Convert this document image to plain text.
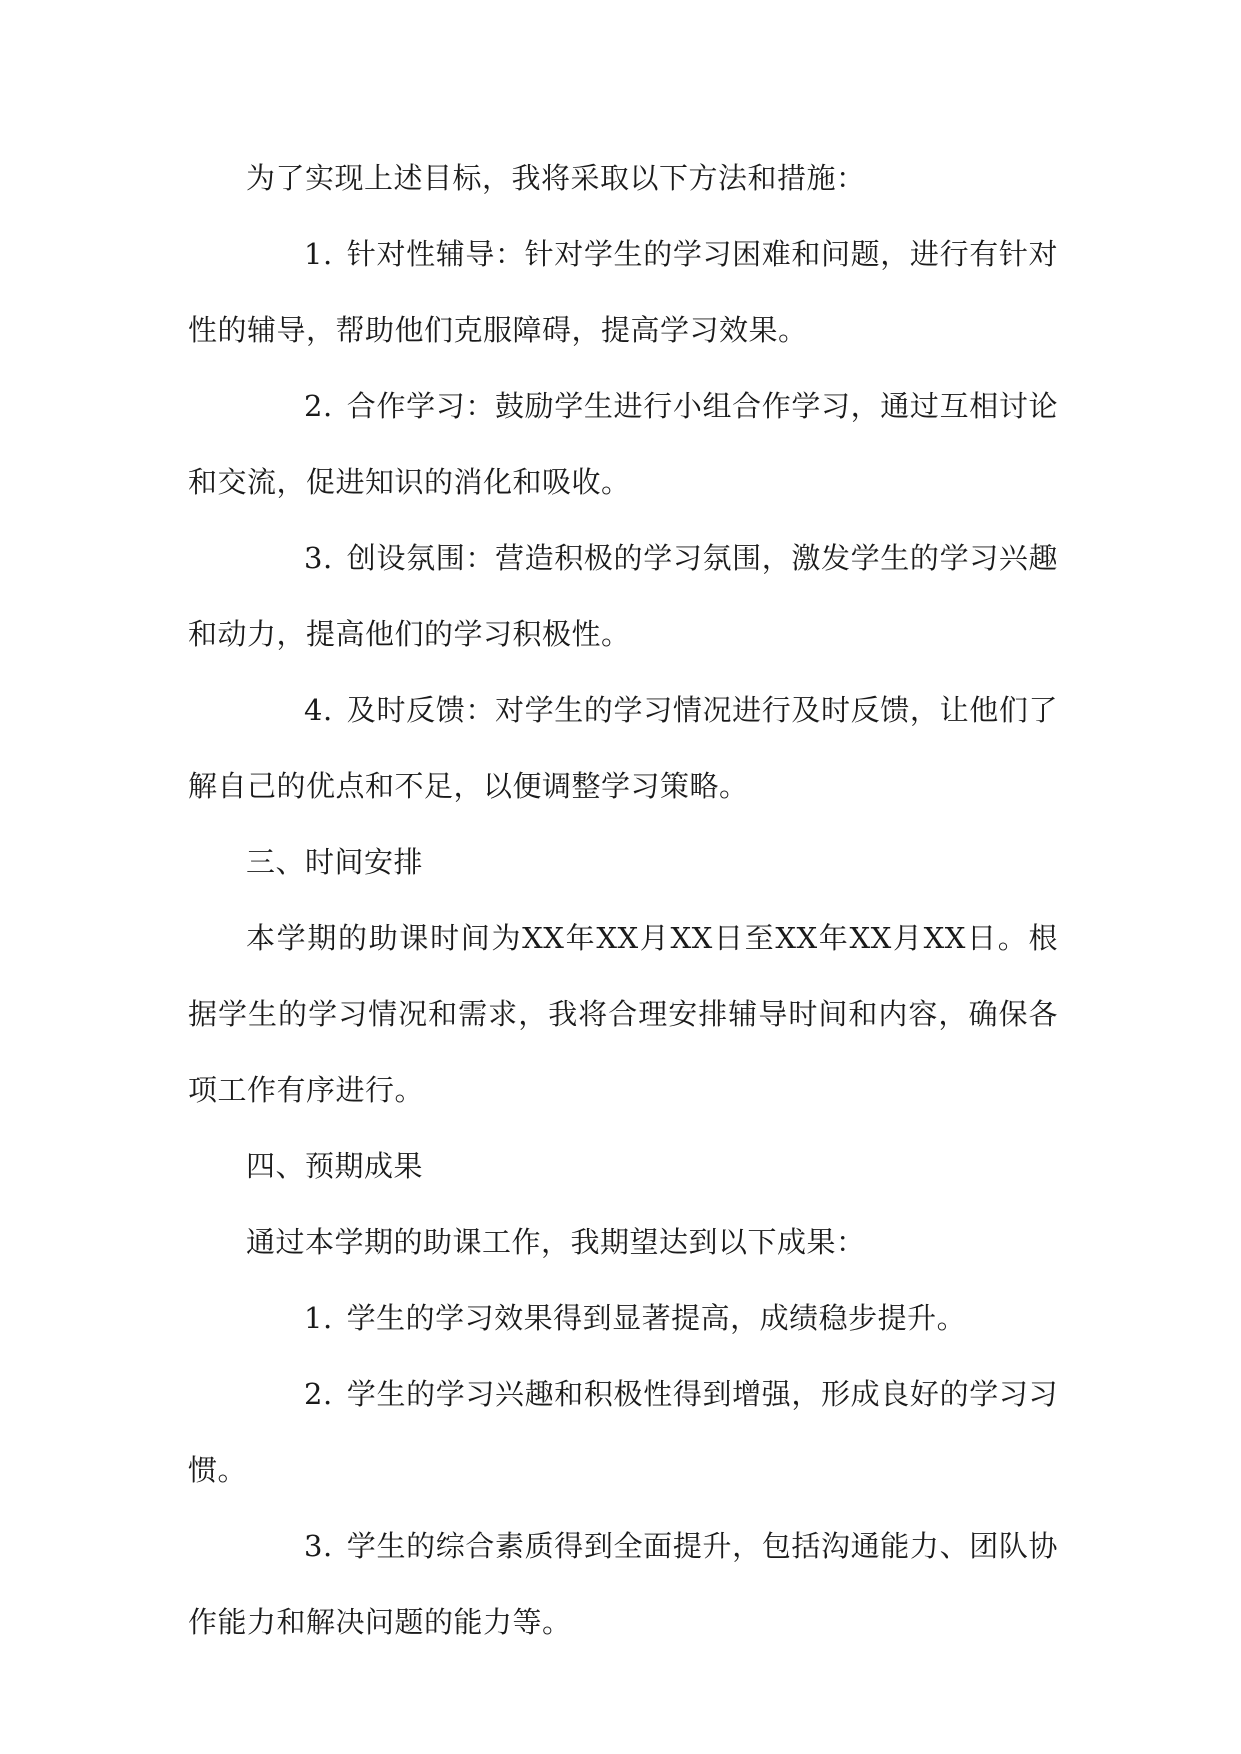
为了实现上述目标，我将采取以下方法和措施：

1. 针对性辅导：针对学生的学习困难和问题，进行有针对性的辅导，帮助他们克服障碍，提高学习效果。

2. 合作学习：鼓励学生进行小组合作学习，通过互相讨论和交流，促进知识的消化和吸收。

3. 创设氛围：营造积极的学习氛围，激发学生的学习兴趣和动力，提高他们的学习积极性。

4. 及时反馈：对学生的学习情况进行及时反馈，让他们了解自己的优点和不足，以便调整学习策略。

三、时间安排

本学期的助课时间为XX年XX月XX日至XX年XX月XX日。根据学生的学习情况和需求，我将合理安排辅导时间和内容，确保各项工作有序进行。

四、预期成果

通过本学期的助课工作，我期望达到以下成果：

1. 学生的学习效果得到显著提高，成绩稳步提升。

2. 学生的学习兴趣和积极性得到增强，形成良好的学习习惯。

3. 学生的综合素质得到全面提升，包括沟通能力、团队协作能力和解决问题的能力等。
